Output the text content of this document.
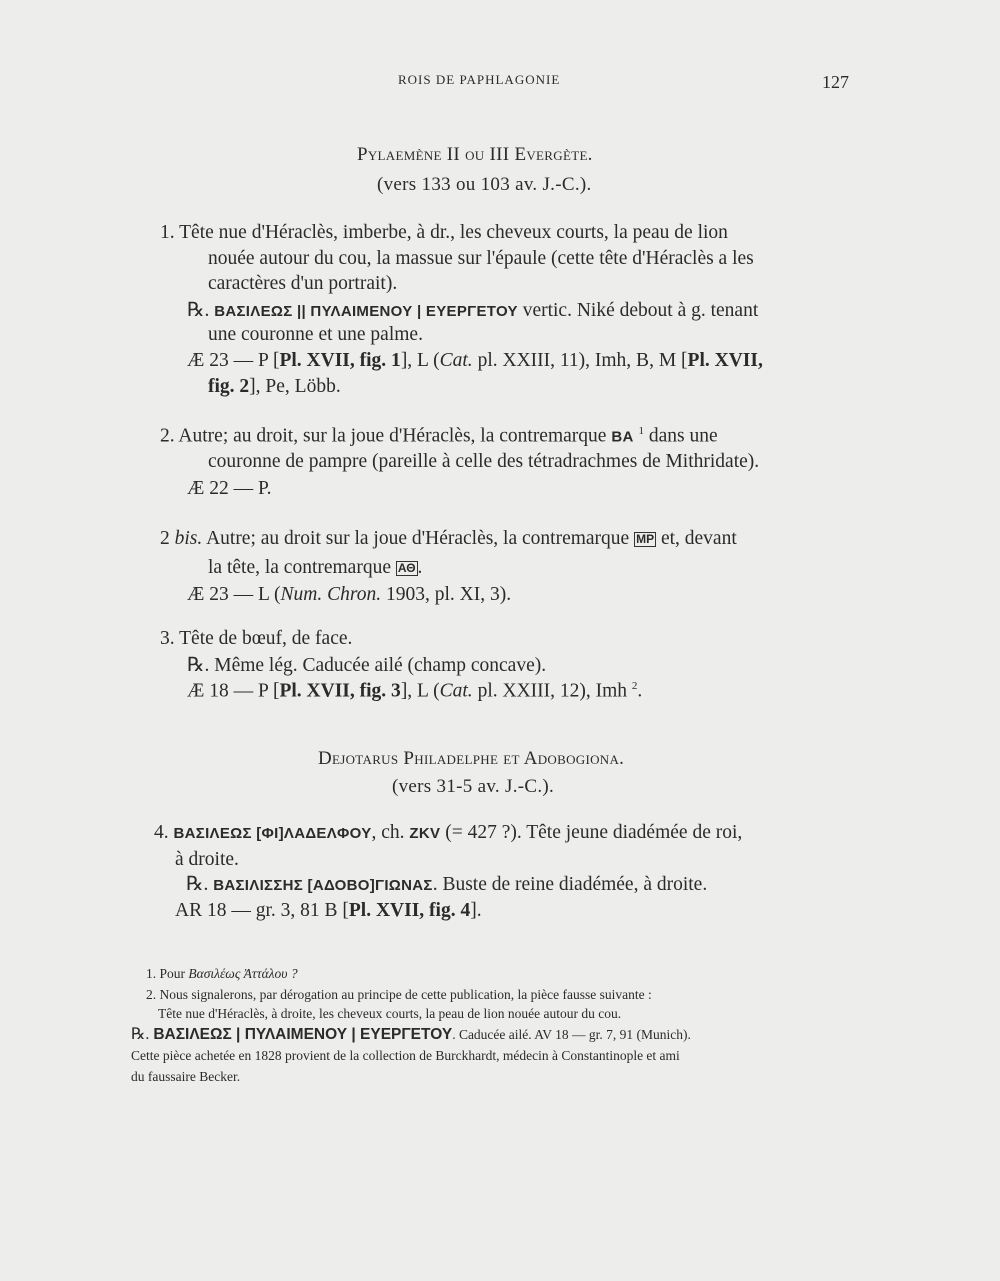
ROIS DE PAPHLAGONIE	127
Pylaemène II ou III Evergète.
(vers 133 ou 103 av. J.-C.).
1. Tête nue d'Héraclès, imberbe, à dr., les cheveux courts, la peau de lion
nouée autour du cou, la massue sur l'épaule (cette tête d'Héraclès a les
caractères d'un portrait).
℞. ΒΑΣΙΛΕΩΣ || ΠΥΛΑΙΜΕΝΟΥ | ΕΥΕΡΓΕΤΟΥ vertic. Niké debout à g. tenant
une couronne et une palme.
Æ 23 — P [Pl. XVII, fig. 1], L (Cat. pl. XXIII, 11), Imh, B, M [Pl. XVII,
fig. 2], Pe, Löbb.
2. Autre; au droit, sur la joue d'Héraclès, la contremarque ΒΑ $^1$ dans une
couronne de pampre (pareille à celle des tétradrachmes de Mithridate).
Æ 22 — P.
2 bis. Autre; au droit sur la joue d'Héraclès, la contremarque ΜΡ et, devant
la tête, la contremarque ΑΘ .
Æ 23 — L (Num. Chron. 1903, pl. XI, 3).
3. Tête de bœuf, de face.
℞. Même lég. Caducée ailé (champ concave).
Æ 18 — P [Pl. XVII, fig. 3], L (Cat. pl. XXIII, 12), Imh $^2$.
Dejotarus Philadelphe et Adobogiona.
(vers 31-5 av. J.-C.).
4. ΒΑΣΙΛΕΩΣ [ΦΙ]ΛΑΔΕΛΦΟΥ, ch. ΖΚV (= 427 ?). Tête jeune diadémée de roi,
à droite.
℞. ΒΑΣΙΛΙΣΣΗΣ [ΑΔΟΒΟ]ΓΙΩΝΑΣ. Buste de reine diadémée, à droite.
AR 18 — gr. 3, 81 B [Pl. XVII, fig. 4].
1. Pour Βασιλέως Ἀττάλου ?
2. Nous signalerons, par dérogation au principe de cette publication, la pièce fausse suivante :
Tête nue d'Héraclès, à droite, les cheveux courts, la peau de lion nouée autour du cou.
℞. ΒΑΣΙΛΕΩΣ | ΠΥΛΑΙΜΕΝΟΥ | ΕΥΕΡΓΕΤΟΥ. Caducée ailé. AV 18 — gr. 7, 91 (Munich).
Cette pièce achetée en 1828 provient de la collection de Burckhardt, médecin à Constantinople et ami
du faussaire Becker.
